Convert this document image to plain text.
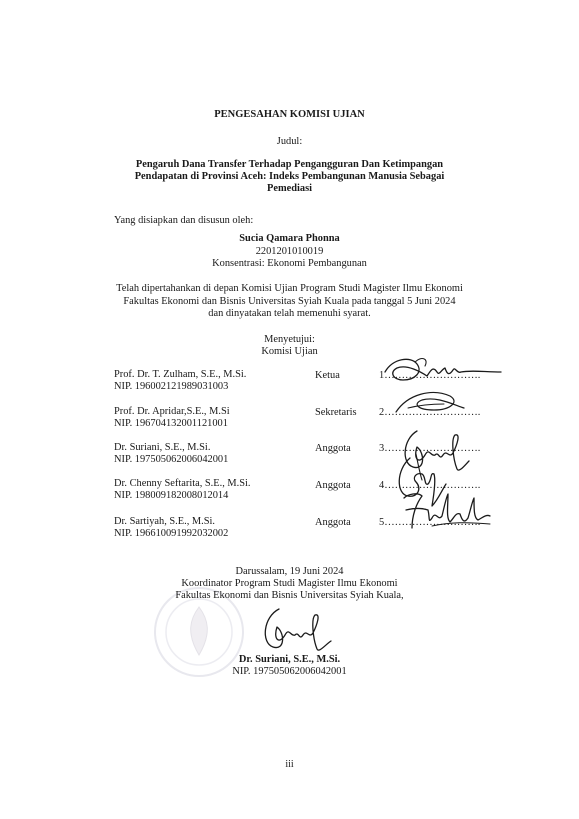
PENGESAHAN KOMISI UJIAN
Judul:
Pengaruh Dana Transfer Terhadap Pengangguran Dan Ketimpangan
Pendapatan di Provinsi Aceh: Indeks Pembangunan Manusia Sebagai
Pemediasi
Yang disiapkan dan disusun oleh:
Sucia Qamara Phonna
2201201010019
Konsentrasi: Ekonomi Pembangunan
Telah dipertahankan di depan Komisi Ujian Program Studi Magister Ilmu Ekonomi
Fakultas Ekonomi dan Bisnis Universitas Syiah Kuala pada tanggal 5 Juni 2024
dan dinyatakan telah memenuhi syarat.
Menyetujui:
Komisi Ujian
Prof. Dr. T. Zulham, S.E., M.Si.
NIP. 196002121989031003
Ketua	1……………………….
Prof. Dr. Apridar,S.E., M.Si
NIP. 196704132001121001
Sekretaris 2……………………….
Dr. Suriani, S.E., M.Si.
NIP. 197505062006042001
Anggota	3……………………….
Dr. Chenny Seftarita, S.E., M.Si.
NIP. 198009182008012014
Anggota	4……………………….
Dr. Sartiyah, S.E., M.Si.
NIP. 196610091992032002
Anggota	5……………………….
Darussalam, 19 Juni 2024
Koordinator Program Studi Magister Ilmu Ekonomi
Fakultas Ekonomi dan Bisnis Universitas Syiah Kuala,
Dr. Suriani, S.E., M.Si.
NIP. 197505062006042001
iii
